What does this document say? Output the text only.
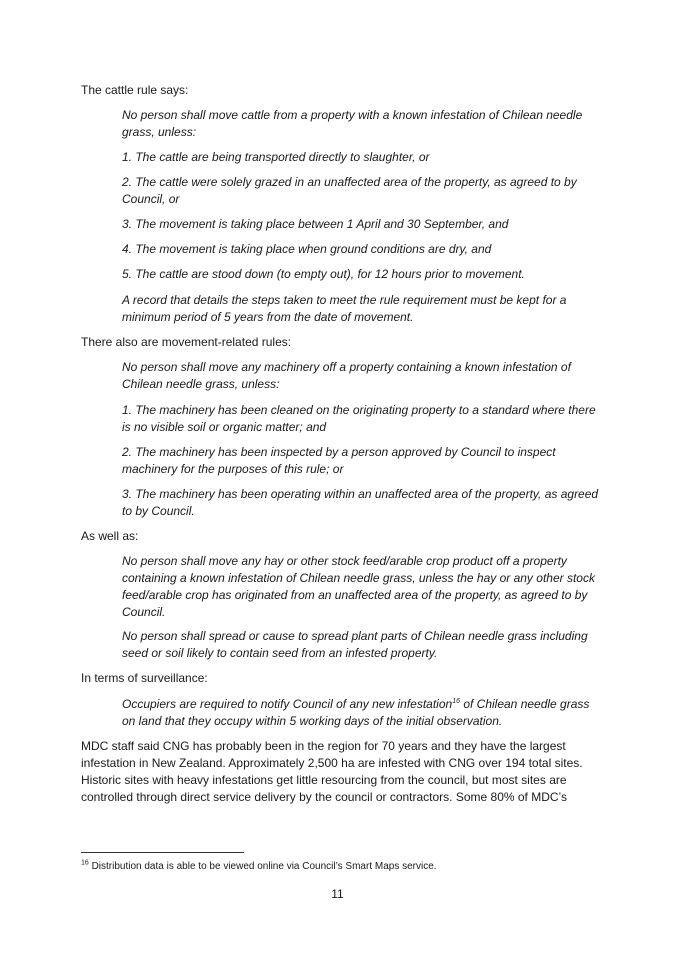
The cattle rule says:

No person shall move cattle from a property with a known infestation of Chilean needle grass, unless:

1. The cattle are being transported directly to slaughter, or

2. The cattle were solely grazed in an unaffected area of the property, as agreed to by Council, or

3. The movement is taking place between 1 April and 30 September, and

4. The movement is taking place when ground conditions are dry, and

5. The cattle are stood down (to empty out), for 12 hours prior to movement.

A record that details the steps taken to meet the rule requirement must be kept for a minimum period of 5 years from the date of movement.

There also are movement-related rules:

No person shall move any machinery off a property containing a known infestation of Chilean needle grass, unless:

1. The machinery has been cleaned on the originating property to a standard where there is no visible soil or organic matter; and

2. The machinery has been inspected by a person approved by Council to inspect machinery for the purposes of this rule; or

3. The machinery has been operating within an unaffected area of the property, as agreed to by Council.

As well as:

No person shall move any hay or other stock feed/arable crop product off a property containing a known infestation of Chilean needle grass, unless the hay or any other stock feed/arable crop has originated from an unaffected area of the property, as agreed to by Council.

No person shall spread or cause to spread plant parts of Chilean needle grass including seed or soil likely to contain seed from an infested property.

In terms of surveillance:

Occupiers are required to notify Council of any new infestation$^{16}$ of Chilean needle grass on land that they occupy within 5 working days of the initial observation.

MDC staff said CNG has probably been in the region for 70 years and they have the largest infestation in New Zealand. Approximately 2,500 ha are infested with CNG over 194 total sites. Historic sites with heavy infestations get little resourcing from the council, but most sites are controlled through direct service delivery by the council or contractors. Some 80% of MDC’s

$^{16}$ Distribution data is able to be viewed online via Council’s Smart Maps service.
11
